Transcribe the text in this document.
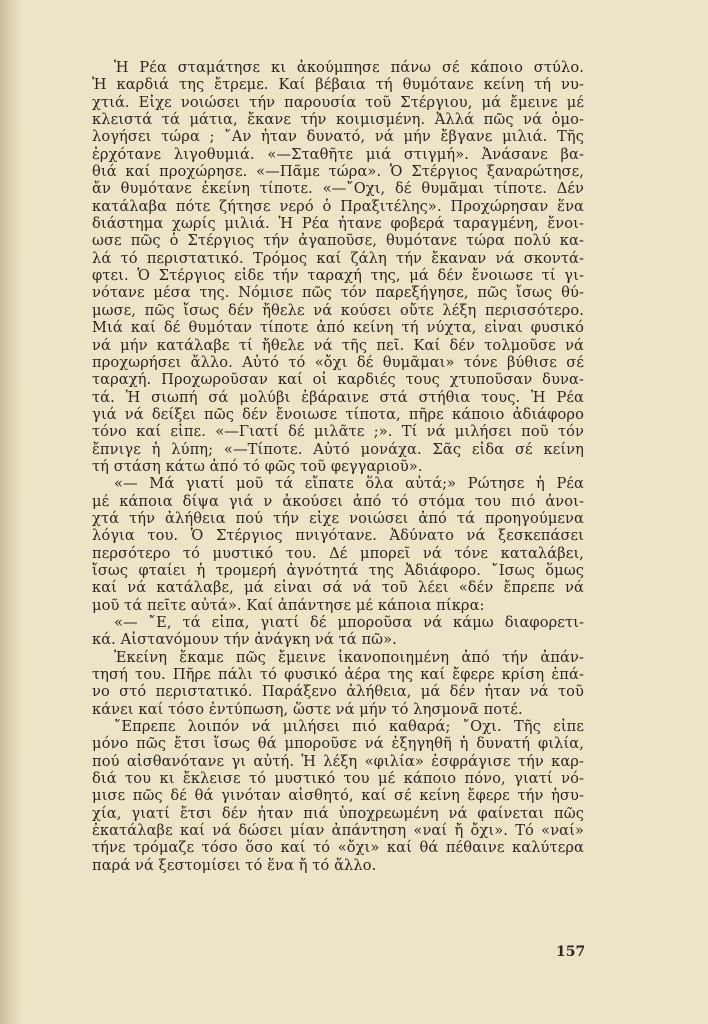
Ἡ Ρέα σταμάτησε κι ἀκούμπησε πάνω σέ κάποιο στύλο.
Ἡ καρδιά της ἔτρεμε. Καί βέβαια τή θυμότανε κείνη τή νυ-
χτιά. Εἶχε νοιώσει τήν παρουσία τοῦ Στέργιου, μά ἔμεινε μέ
κλειστά τά μάτια, ἔκανε τήν κοιμισμένη. Ἀλλά πῶς νά ὁμο-
λογήσει τώρα ; ῎Αν ἦταν δυνατό, νά μήν ἔβγανε μιλιά. Τῆς
ἐρχότανε λιγοθυμιά. «—Σταθῆτε μιά στιγμή». Ἀνάσανε βα-
θιά καί προχώρησε. «—Πᾶμε τώρα». Ὁ Στέργιος ξαναρώτησε,
ἄν θυμότανε ἐκείνη τίποτε. «—῎Οχι, δέ θυμᾶμαι τίποτε. Δέν
κατάλαβα πότε ζήτησε νερό ὁ Πραξιτέλης». Προχώρησαν ἕνα
διάστημα χωρίς μιλιά. Ἡ Ρέα ἦτανε φοβερά ταραγμένη, ἔνοι-
ωσε πῶς ὁ Στέργιος τήν ἀγαποῦσε, θυμότανε τώρα πολύ κα-
λά τό περιστατικό. Τρόμος καί ζάλη τήν ἔκαναν νά σκοντά-
φτει. Ὁ Στέργιος εἶδε τήν ταραχή της, μά δέν ἔνοιωσε τί γι-
νότανε μέσα της. Νόμισε πῶς τόν παρεξήγησε, πῶς ἴσως θύ-
μωσε, πῶς ἴσως δέν ἤθελε νά κούσει οὔτε λέξη περισσότερο.
Μιά καί δέ θυμόταν τίποτε ἀπό κείνη τή νύχτα, εἶναι φυσικό
νά μήν κατάλαβε τί ἤθελε νά τῆς πεῖ. Καί δέν τολμοῦσε νά
προχωρήσει ἄλλο. Αὐτό τό «ὄχι δέ θυμᾶμαι» τόνε βύθισε σέ
ταραχή. Προχωροῦσαν καί οἱ καρδιές τους χτυποῦσαν δυνα-
τά. Ἡ σιωπή σά μολύβι ἐβάραινε στά στήθια τους. Ἡ Ρέα
γιά νά δείξει πῶς δέν ἔνοιωσε τίποτα, πῆρε κάποιο ἀδιάφορο
τόνο καί εἶπε. «—Γιατί δέ μιλᾶτε ;». Τί νά μιλήσει ποῦ τόν
ἔπνιγε ἡ λύπη; «—Τίποτε. Αὐτό μονάχα. Σᾶς εἶδα σέ κείνη
τή στάση κάτω ἀπό τό φῶς τοῦ φεγγαριοῦ».
«— Μά γιατί μοῦ τά εἴπατε ὅλα αὐτά;» Ρώτησε ἡ Ρέα
μέ κάποια δίψα γιά ν ἀκούσει ἀπό τό στόμα του πιό ἀνοι-
χτά τήν ἀλήθεια πού τήν εἶχε νοιώσει ἀπό τά προηγούμενα
λόγια του. Ὁ Στέργιος πνιγότανε. Ἀδύνατο νά ξεσκεπάσει
περσότερο τό μυστικό του. Δέ μπορεῖ νά τόνε καταλάβει,
ἴσως φταίει ἡ τρομερή ἀγνότητά της Ἀδιάφορο. ῎Ισως ὅμως
καί νά κατάλαβε, μά εἶναι σά νά τοῦ λέει «δέν ἔπρεπε νά
μοῦ τά πεῖτε αὐτά». Καί ἀπάντησε μέ κάποια πίκρα:
«— ῎Ε, τά εἶπα, γιατί δέ μποροῦσα νά κάμω διαφορετι-
κά. Αἰσταvόμουν τήν ἀνάγκη νά τά πῶ».
Ἐκείνη ἔκαμε πῶς ἔμεινε ἱκανοποιημένη ἀπό τήν ἀπάν-
τησή του. Πῆρε πάλι τό φυσικό ἀέρα της καί ἔφερε κρίση ἐπά-
νο στό περιστατικό. Παράξενο ἀλήθεια, μά δέν ἦταν νά τοῦ
κάνει καί τόσο ἐντύπωση, ὥστε νά μήν τό λησμονᾶ ποτέ.
῎Επρεπε λοιπόν νά μιλήσει πιό καθαρά; ῎Οχι. Τῆς εἶπε
μόνο πῶς ἔτσι ἴσως θά μποροῦσε νά ἐξηγηθῆ ἡ δυνατή φιλία,
πού αἰσθανότανε γι αὐτή. Ἡ λέξη «φιλία» ἐσφράγισε τήν καρ-
διά του κι ἔκλεισε τό μυστικό του μέ κάποιο πόνο, γιατί νό-
μισε πῶς δέ θά γινόταν αἰσθητό, καί σέ κείνη ἔφερε τήν ἡσυ-
χία, γιατί ἔτσι δέν ἦταν πιά ὑποχρεωμένη νά φαίνεται πῶς
ἐκατάλαβε καί νά δώσει μίαν ἀπάντηση «ναί ἤ ὄχι». Τό «ναί»
τήνε τρόμαζε τόσο ὅσο καί τό «ὄχι» καί θά πέθαινε καλύτερα
παρά νά ξεστομίσει τό ἕνα ἤ τό ἄλλο.
157
